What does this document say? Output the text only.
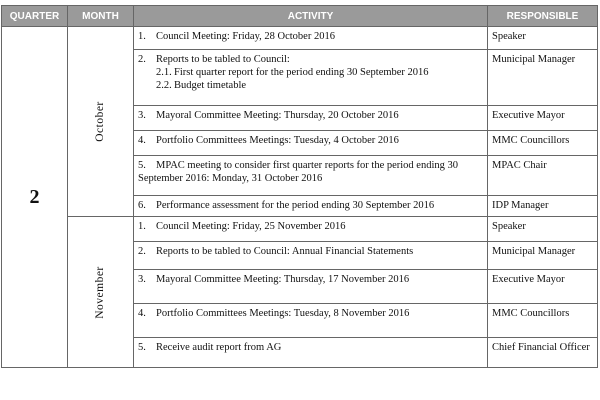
QUARTER	MONTH	ACTIVITY	RESPONSIBLE
2	October	1. Council Meeting: Friday, 28 October 2016	Speaker
		2. Reports to be tabled to Council:
2.1. First quarter report for the period ending 30 September 2016
2.2. Budget timetable	Municipal Manager
		3. Mayoral Committee Meeting: Thursday, 20 October 2016	Executive Mayor
		4. Portfolio Committees Meetings: Tuesday, 4 October 2016	MMC Councillors
		5. MPAC meeting to consider first quarter reports for the period ending 30 September 2016: Monday, 31 October 2016	MPAC Chair
		6. Performance assessment for the period ending 30 September 2016	IDP Manager
	November	1. Council Meeting: Friday, 25 November 2016	Speaker
		2. Reports to be tabled to Council: Annual Financial Statements	Municipal Manager
		3. Mayoral Committee Meeting: Thursday, 17 November 2016	Executive Mayor
		4. Portfolio Committees Meetings: Tuesday, 8 November 2016	MMC Councillors
		5. Receive audit report from AG	Chief Financial Officer
